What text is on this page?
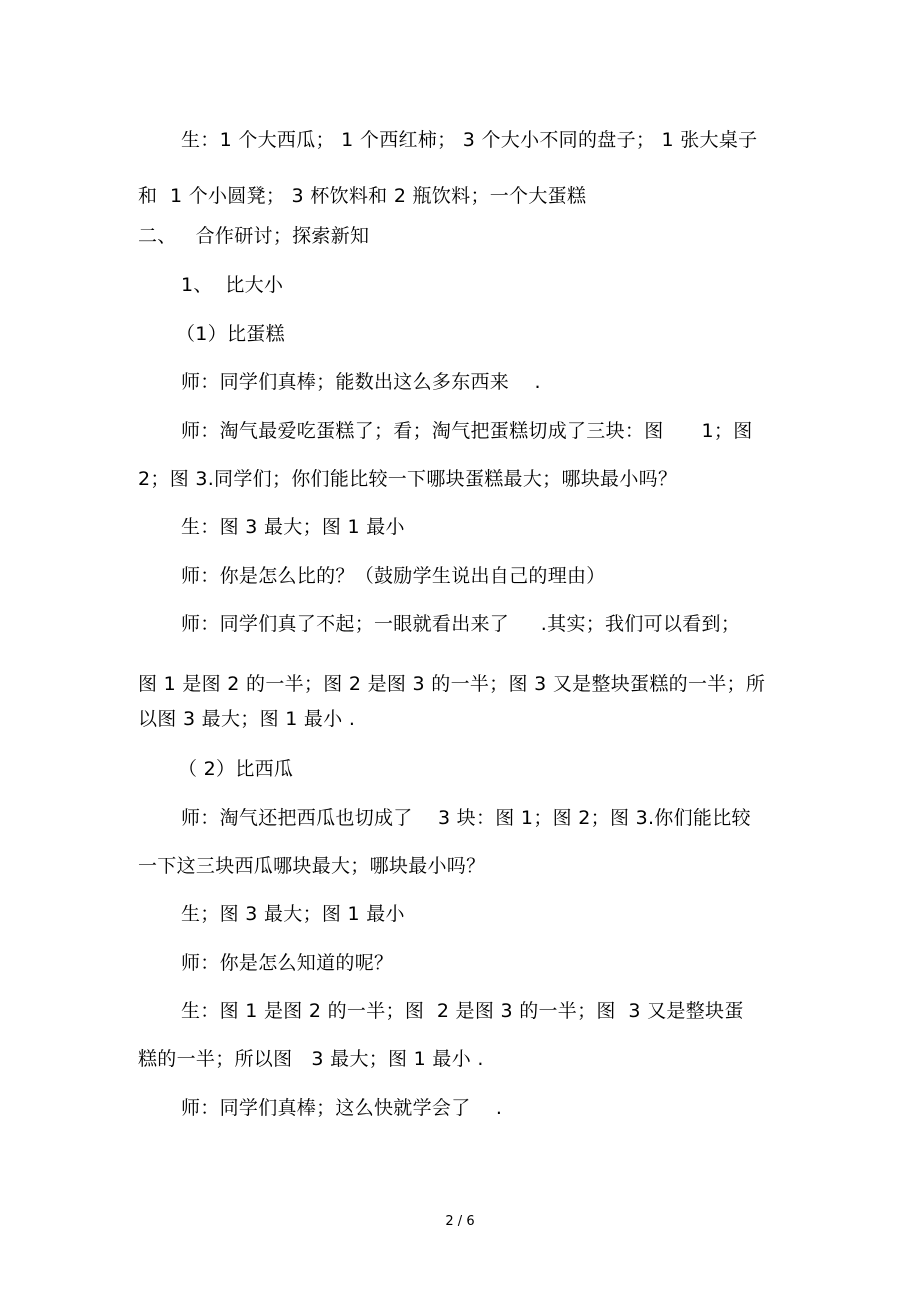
生：1 个大西瓜； 1 个西红柿； 3 个大小不同的盘子； 1 张大桌子
和  1 个小圆凳； 3 杯饮料和 2 瓶饮料；一个大蛋糕
二、   合作研讨；探索新知
1、  比大小
（1）比蛋糕
师：同学们真棒；能数出这么多东西来    .
师：淘气最爱吃蛋糕了；看；淘气把蛋糕切成了三块：图      1；图
2；图 3.同学们；你们能比较一下哪块蛋糕最大；哪块最小吗？
生：图 3 最大；图 1 最小
师：你是怎么比的？（鼓励学生说出自己的理由）
师：同学们真了不起；一眼就看出来了     .其实；我们可以看到；
图 1 是图 2 的一半；图 2 是图 3 的一半；图 3 又是整块蛋糕的一半；所
以图 3 最大；图 1 最小 .
（ 2）比西瓜
师：淘气还把西瓜也切成了    3 块：图 1；图 2；图 3.你们能比较
一下这三块西瓜哪块最大；哪块最小吗？
生；图 3 最大；图 1 最小
师：你是怎么知道的呢？
生：图 1 是图 2 的一半；图  2 是图 3 的一半；图  3 又是整块蛋
糕的一半；所以图   3 最大；图 1 最小 .
师：同学们真棒；这么快就学会了    .
2 / 6
